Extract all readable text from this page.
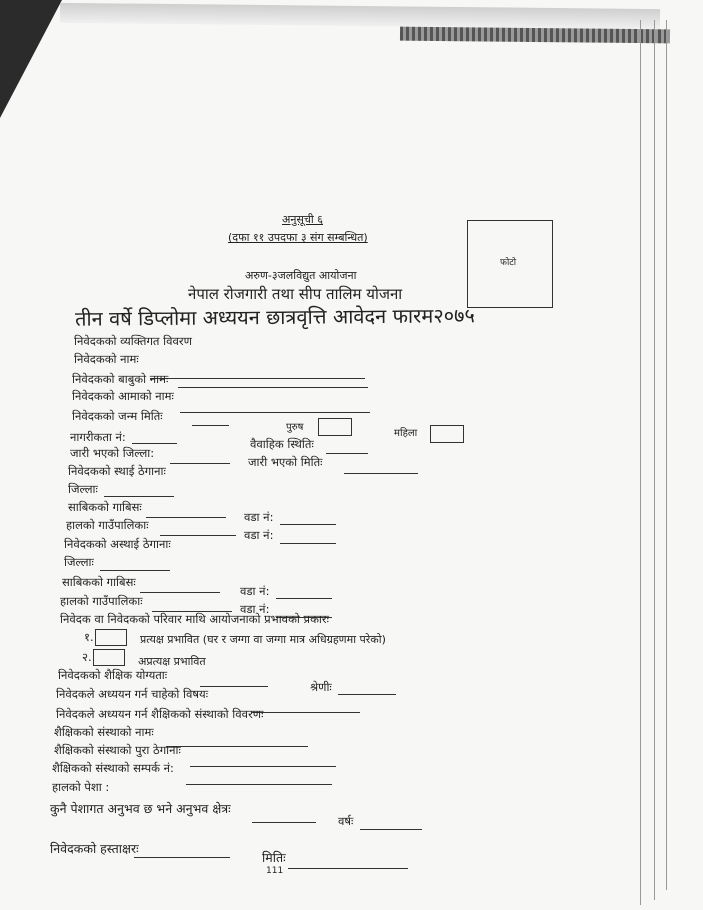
अनुसूची ६
(दफा ११ उपदफा ३ संग सम्बन्धित)
फोटो
अरुण-३जलविद्युत आयोजना
नेपाल रोजगारी तथा सीप तालिम योजना
तीन वर्षे डिप्लोमा अध्ययन छात्रवृत्ति आवेदन फारम२०७५
निवेदकको व्यक्तिगत विवरण
निवेदकको नामः
निवेदकको बाबुको नामः
निवेदकको आमाको नामः
निवेदकको जन्म मितिः
पुरुष
महिला
नागरीकता नं:	वैवाहिक स्थितिः
जारी भएको जिल्ला:
जारी भएको मितिः
निवेदकको स्थाई ठेगानाः
जिल्लाः
साबिकको गाबिसः
वडा नं:
हालको गाउँपालिकाः
वडा नं:
निवेदकको अस्थाई ठेगानाः
जिल्लाः
साबिकको गाबिसः
वडा नं:
हालको गाउँपालिकाः
वडा नं:
निवेदक वा निवेदकको परिवार माथि आयोजनाको प्रभावको प्रकारः
१.	प्रत्यक्ष प्रभावित (घर र जग्गा वा जग्गा मात्र अधिग्रहणमा परेको)
२.	अप्रत्यक्ष प्रभावित
निवेदकको शैक्षिक योग्यताः
श्रेणीः
निवेदकले अध्ययन गर्न चाहेको विषयः
निवेदकले अध्ययन गर्न शैक्षिकको संस्थाको विवरणः
शैक्षिकको संस्थाको नामः
शैक्षिकको संस्थाको पुरा ठेगानाः
शैक्षिकको संस्थाको सम्पर्क नं:
हालको पेशा :
कुनै पेशागत अनुभव छ भने अनुभव क्षेत्रः
वर्षः
निवेदकको हस्ताक्षरः
मितिः
111
